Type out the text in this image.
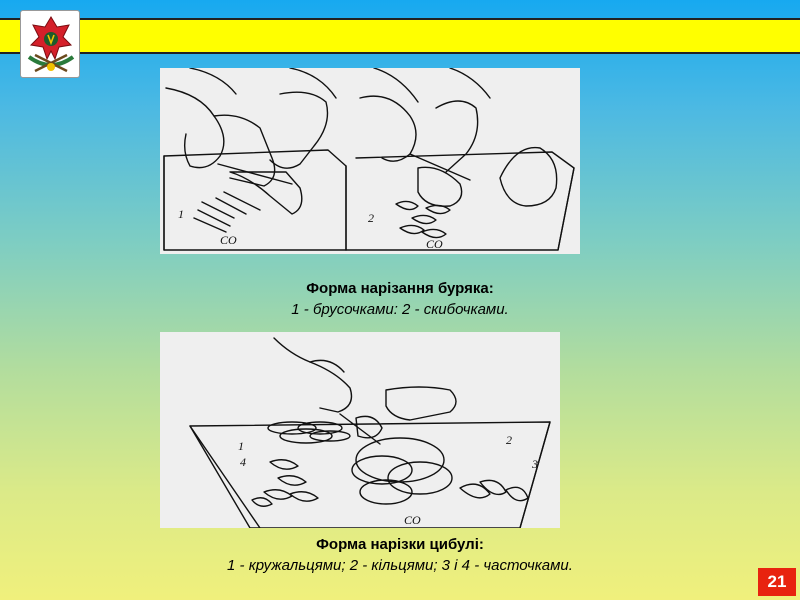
1
CO
2
CO
Форма нарізання буряка:
1 - брусочками: 2 - скибочками.
1	2
3
4
CO
Форма нарізки цибулі:
1 - кружальцями; 2 - кільцями; 3 і 4 - часточками.
21
